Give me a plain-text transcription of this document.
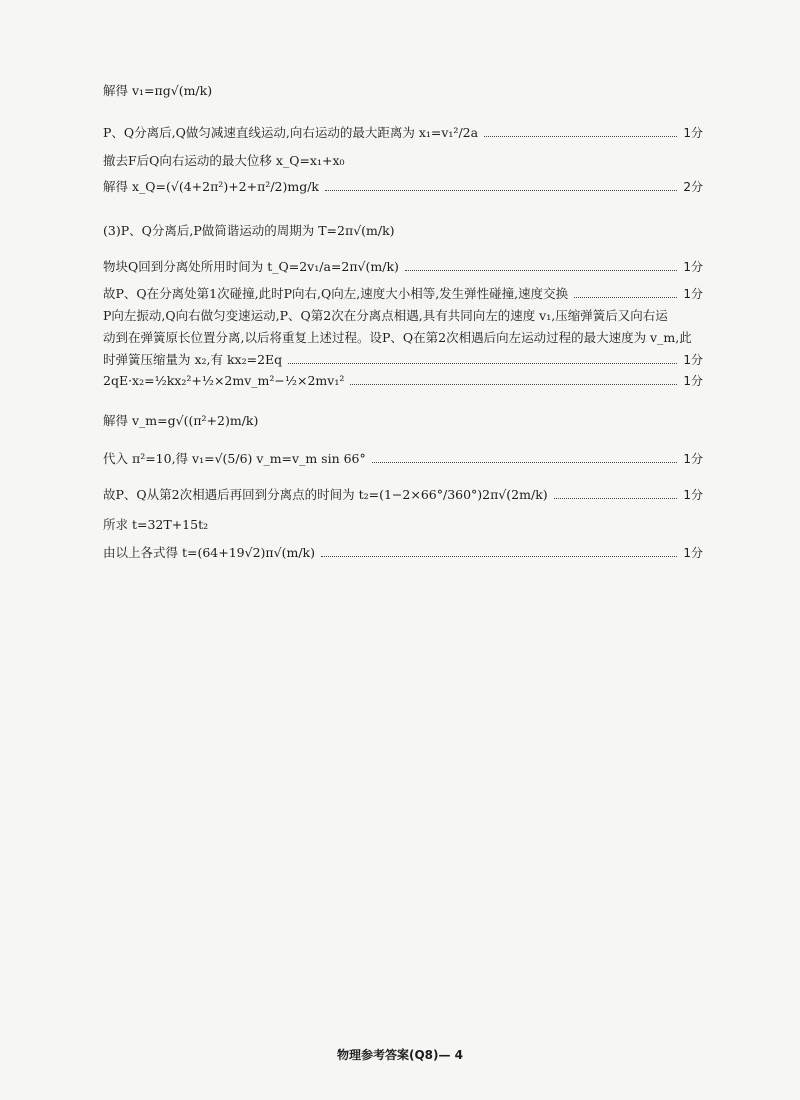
解得 v₁=πg√(m/k)
P、Q分离后,Q做匀减速直线运动,向右运动的最大距离为 x₁=v₁²/2a	1分
撤去F后Q向右运动的最大位移 x_Q=x₁+x₀
解得 x_Q=(√(4+2π²)+2+π²/2)mg/k	2分
(3)P、Q分离后,P做简谐运动的周期为 T=2π√(m/k)
物块Q回到分离处所用时间为 t_Q=2v₁/a=2π√(m/k)	1分
故P、Q在分离处第1次碰撞,此时P向右,Q向左,速度大小相等,发生弹性碰撞,速度交换	1分
P向左振动,Q向右做匀变速运动,P、Q第2次在分离点相遇,具有共同向左的速度 v₁,压缩弹簧后又向右运
动到在弹簧原长位置分离,以后将重复上述过程。设P、Q在第2次相遇后向左运动过程的最大速度为 v_m,此
时弹簧压缩量为 x₂,有 kx₂=2Eq	1分
2qE·x₂=½kx₂²+½×2mv_m²−½×2mv₁²	1分
解得 v_m=g√((π²+2)m/k)
代入 π²=10,得 v₁=√(5/6) v_m=v_m sin 66°	1分
故P、Q从第2次相遇后再回到分离点的时间为 t₂=(1−2×66°/360°)2π√(2m/k)	1分
所求 t=32T+15t₂
由以上各式得 t=(64+19√2)π√(m/k)	1分
物理参考答案(Q8)— 4
